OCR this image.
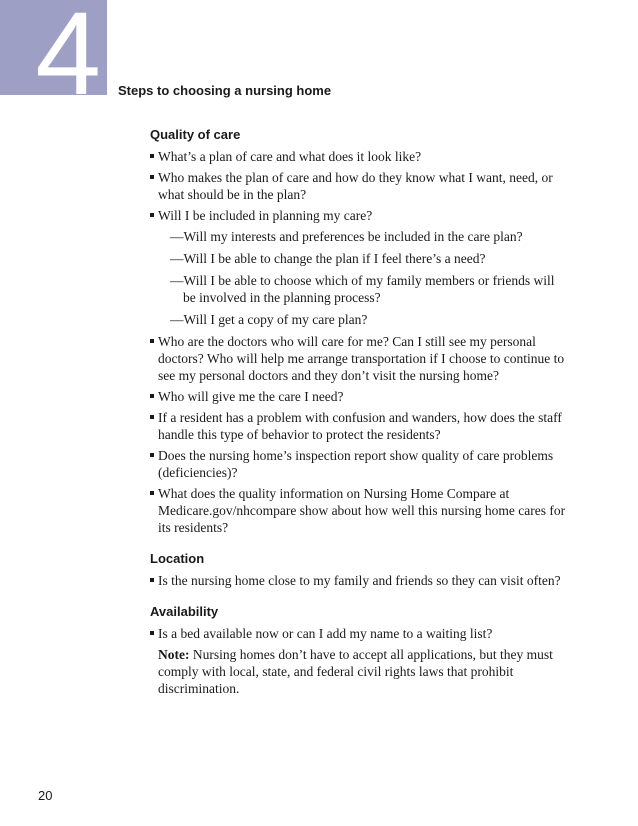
4 Steps to choosing a nursing home
Quality of care
What’s a plan of care and what does it look like?
Who makes the plan of care and how do they know what I want, need, or what should be in the plan?
Will I be included in planning my care?
—Will my interests and preferences be included in the care plan?
—Will I be able to change the plan if I feel there’s a need?
—Will I be able to choose which of my family members or friends will be involved in the planning process?
—Will I get a copy of my care plan?
Who are the doctors who will care for me? Can I still see my personal doctors? Who will help me arrange transportation if I choose to continue to see my personal doctors and they don’t visit the nursing home?
Who will give me the care I need?
If a resident has a problem with confusion and wanders, how does the staff handle this type of behavior to protect the residents?
Does the nursing home’s inspection report show quality of care problems (deficiencies)?
What does the quality information on Nursing Home Compare at Medicare.gov/nhcompare show about how well this nursing home cares for its residents?
Location
Is the nursing home close to my family and friends so they can visit often?
Availability
Is a bed available now or can I add my name to a waiting list?
Note: Nursing homes don’t have to accept all applications, but they must comply with local, state, and federal civil rights laws that prohibit discrimination.
20
